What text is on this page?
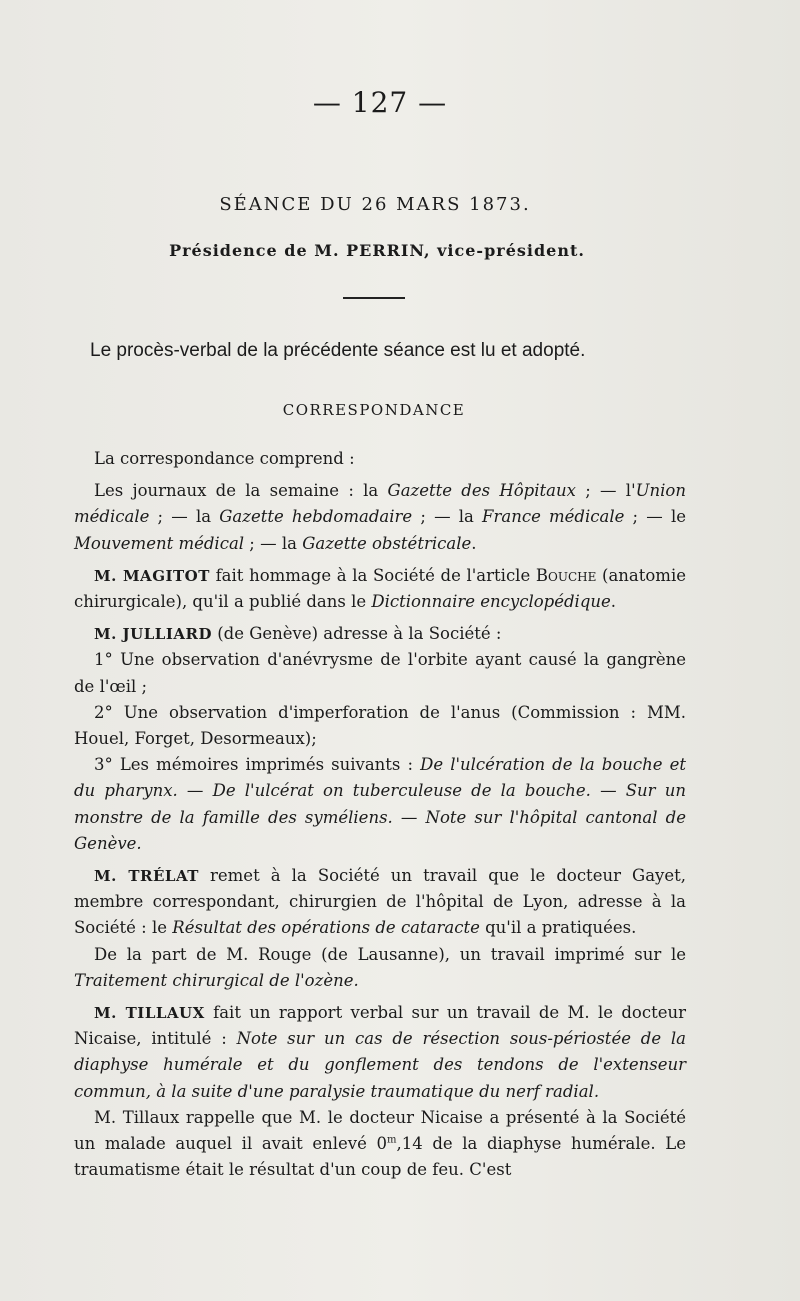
— 127 —
SÉANCE DU 26 MARS 1873.
Présidence de M. PERRIN, vice-président.
Le procès-verbal de la précédente séance est lu et adopté.
CORRESPONDANCE

La correspondance comprend :

Les journaux de la semaine : la Gazette des Hôpitaux ; — l'Union médicale ; — la Gazette hebdomadaire ; — la France médicale ; — le Mouvement médical ; — la Gazette obstétricale.

M. MAGITOT fait hommage à la Société de l'article Bouche (anatomie chirurgicale), qu'il a publié dans le Dictionnaire encyclopédique.

M. JULLIARD (de Genève) adresse à la Société :

1° Une observation d'anévrysme de l'orbite ayant causé la gangrène de l'œil ;

2° Une observation d'imperforation de l'anus (Commission : MM. Houel, Forget, Desormeaux);

3° Les mémoires imprimés suivants : De l'ulcération de la bouche et du pharynx. — De l'ulcérat on tuberculeuse de la bouche. — Sur un monstre de la famille des syméliens. — Note sur l'hôpital cantonal de Genève.

M. TRÉLAT remet à la Société un travail que le docteur Gayet, membre correspondant, chirurgien de l'hôpital de Lyon, adresse à la Société : le Résultat des opérations de cataracte qu'il a pratiquées.

De la part de M. Rouge (de Lausanne), un travail imprimé sur le Traitement chirurgical de l'ozène.

M. TILLAUX fait un rapport verbal sur un travail de M. le docteur Nicaise, intitulé : Note sur un cas de résection sous-périostée de la diaphyse humérale et du gonflement des tendons de l'extenseur commun, à la suite d'une paralysie traumatique du nerf radial.

M. Tillaux rappelle que M. le docteur Nicaise a présenté à la Société un malade auquel il avait enlevé 0$^m$,14 de la diaphyse humérale. Le traumatisme était le résultat d'un coup de feu. C'est
